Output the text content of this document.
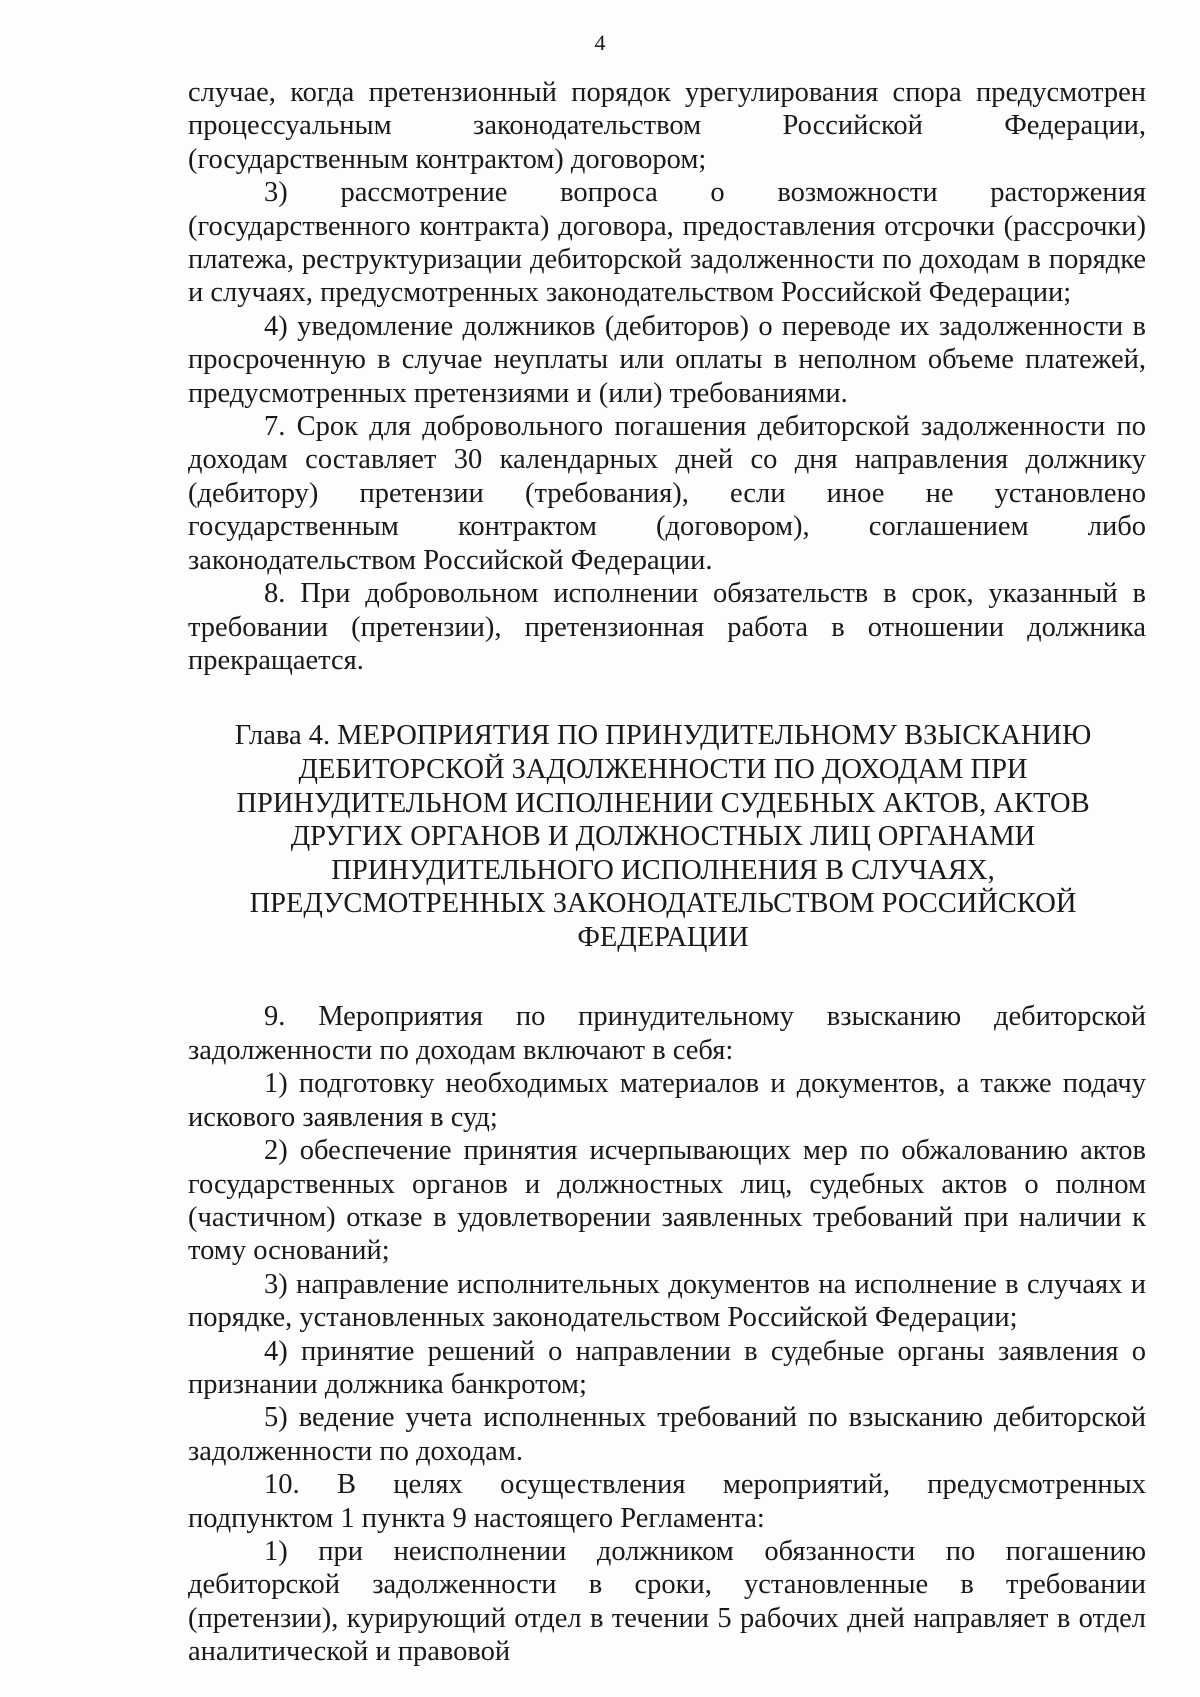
4

случае, когда претензионный порядок урегулирования спора предусмотрен процессуальным законодательством Российской Федерации, (государственным контрактом) договором;

3) рассмотрение вопроса о возможности расторжения (государственного контракта) договора, предоставления отсрочки (рассрочки) платежа, реструктуризации дебиторской задолженности по доходам в порядке и случаях, предусмотренных законодательством Российской Федерации;

4) уведомление должников (дебиторов) о переводе их задолженности в просроченную в случае неуплаты или оплаты в неполном объеме платежей, предусмотренных претензиями и (или) требованиями.

7. Срок для добровольного погашения дебиторской задолженности по доходам составляет 30 календарных дней со дня направления должнику (дебитору) претензии (требования), если иное не установлено государственным контрактом (договором), соглашением либо законодательством Российской Федерации.

8. При добровольном исполнении обязательств в срок, указанный в требовании (претензии), претензионная работа в отношении должника прекращается.

Глава 4. МЕРОПРИЯТИЯ ПО ПРИНУДИТЕЛЬНОМУ ВЗЫСКАНИЮ ДЕБИТОРСКОЙ ЗАДОЛЖЕННОСТИ ПО ДОХОДАМ ПРИ ПРИНУДИТЕЛЬНОМ ИСПОЛНЕНИИ СУДЕБНЫХ АКТОВ, АКТОВ ДРУГИХ ОРГАНОВ И ДОЛЖНОСТНЫХ ЛИЦ ОРГАНАМИ ПРИНУДИТЕЛЬНОГО ИСПОЛНЕНИЯ В СЛУЧАЯХ, ПРЕДУСМОТРЕННЫХ ЗАКОНОДАТЕЛЬСТВОМ РОССИЙСКОЙ ФЕДЕРАЦИИ

9. Мероприятия по принудительному взысканию дебиторской задолженности по доходам включают в себя:

1) подготовку необходимых материалов и документов, а также подачу искового заявления в суд;

2) обеспечение принятия исчерпывающих мер по обжалованию актов государственных органов и должностных лиц, судебных актов о полном (частичном) отказе в удовлетворении заявленных требований при наличии к тому оснований;

3) направление исполнительных документов на исполнение в случаях и порядке, установленных законодательством Российской Федерации;

4) принятие решений о направлении в судебные органы заявления о признании должника банкротом;

5) ведение учета исполненных требований по взысканию дебиторской задолженности по доходам.

10. В целях осуществления мероприятий, предусмотренных подпунктом 1 пункта 9 настоящего Регламента:

1) при неисполнении должником обязанности по погашению дебиторской задолженности в сроки, установленные в требовании (претензии), курирующий отдел в течении 5 рабочих дней направляет в отдел аналитической и правовой
